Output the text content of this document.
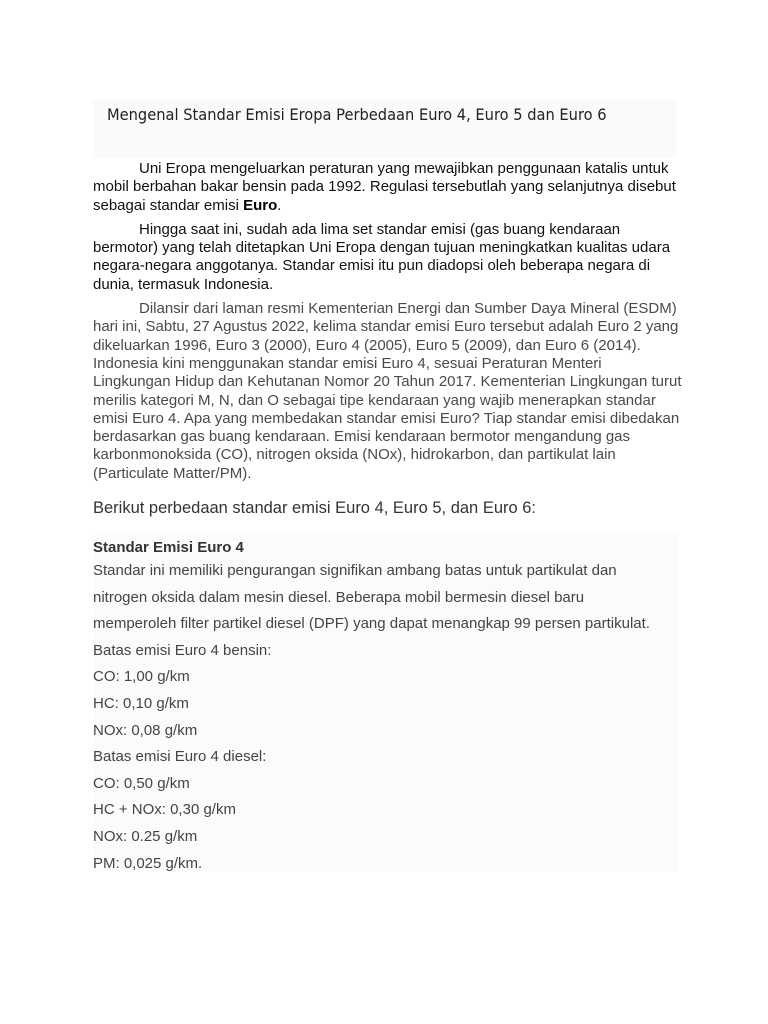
Mengenal Standar Emisi Eropa Perbedaan Euro 4, Euro 5 dan Euro 6

Uni Eropa mengeluarkan peraturan yang mewajibkan penggunaan katalis untuk mobil berbahan bakar bensin pada 1992. Regulasi tersebutlah yang selanjutnya disebut sebagai standar emisi Euro.

Hingga saat ini, sudah ada lima set standar emisi (gas buang kendaraan bermotor) yang telah ditetapkan Uni Eropa dengan tujuan meningkatkan kualitas udara negara-negara anggotanya. Standar emisi itu pun diadopsi oleh beberapa negara di dunia, termasuk Indonesia.

Dilansir dari laman resmi Kementerian Energi dan Sumber Daya Mineral (ESDM) hari ini, Sabtu, 27 Agustus 2022, kelima standar emisi Euro tersebut adalah Euro 2 yang dikeluarkan 1996, Euro 3 (2000), Euro 4 (2005), Euro 5 (2009), dan Euro 6 (2014). Indonesia kini menggunakan standar emisi Euro 4, sesuai Peraturan Menteri Lingkungan Hidup dan Kehutanan Nomor 20 Tahun 2017. Kementerian Lingkungan turut merilis kategori M, N, dan O sebagai tipe kendaraan yang wajib menerapkan standar emisi Euro 4. Apa yang membedakan standar emisi Euro? Tiap standar emisi dibedakan berdasarkan gas buang kendaraan. Emisi kendaraan bermotor mengandung gas karbonmonoksida (CO), nitrogen oksida (NOx), hidrokarbon, dan partikulat lain (Particulate Matter/PM).

Berikut perbedaan standar emisi Euro 4, Euro 5, dan Euro 6:
Standar Emisi Euro 4
Standar ini memiliki pengurangan signifikan ambang batas untuk partikulat dan
nitrogen oksida dalam mesin diesel. Beberapa mobil bermesin diesel baru
memperoleh filter partikel diesel (DPF) yang dapat menangkap 99 persen partikulat.
Batas emisi Euro 4 bensin:
CO: 1,00 g/km
HC: 0,10 g/km
NOx: 0,08 g/km
Batas emisi Euro 4 diesel:
CO: 0,50 g/km
HC + NOx: 0,30 g/km
NOx: 0.25 g/km
PM: 0,025 g/km.
